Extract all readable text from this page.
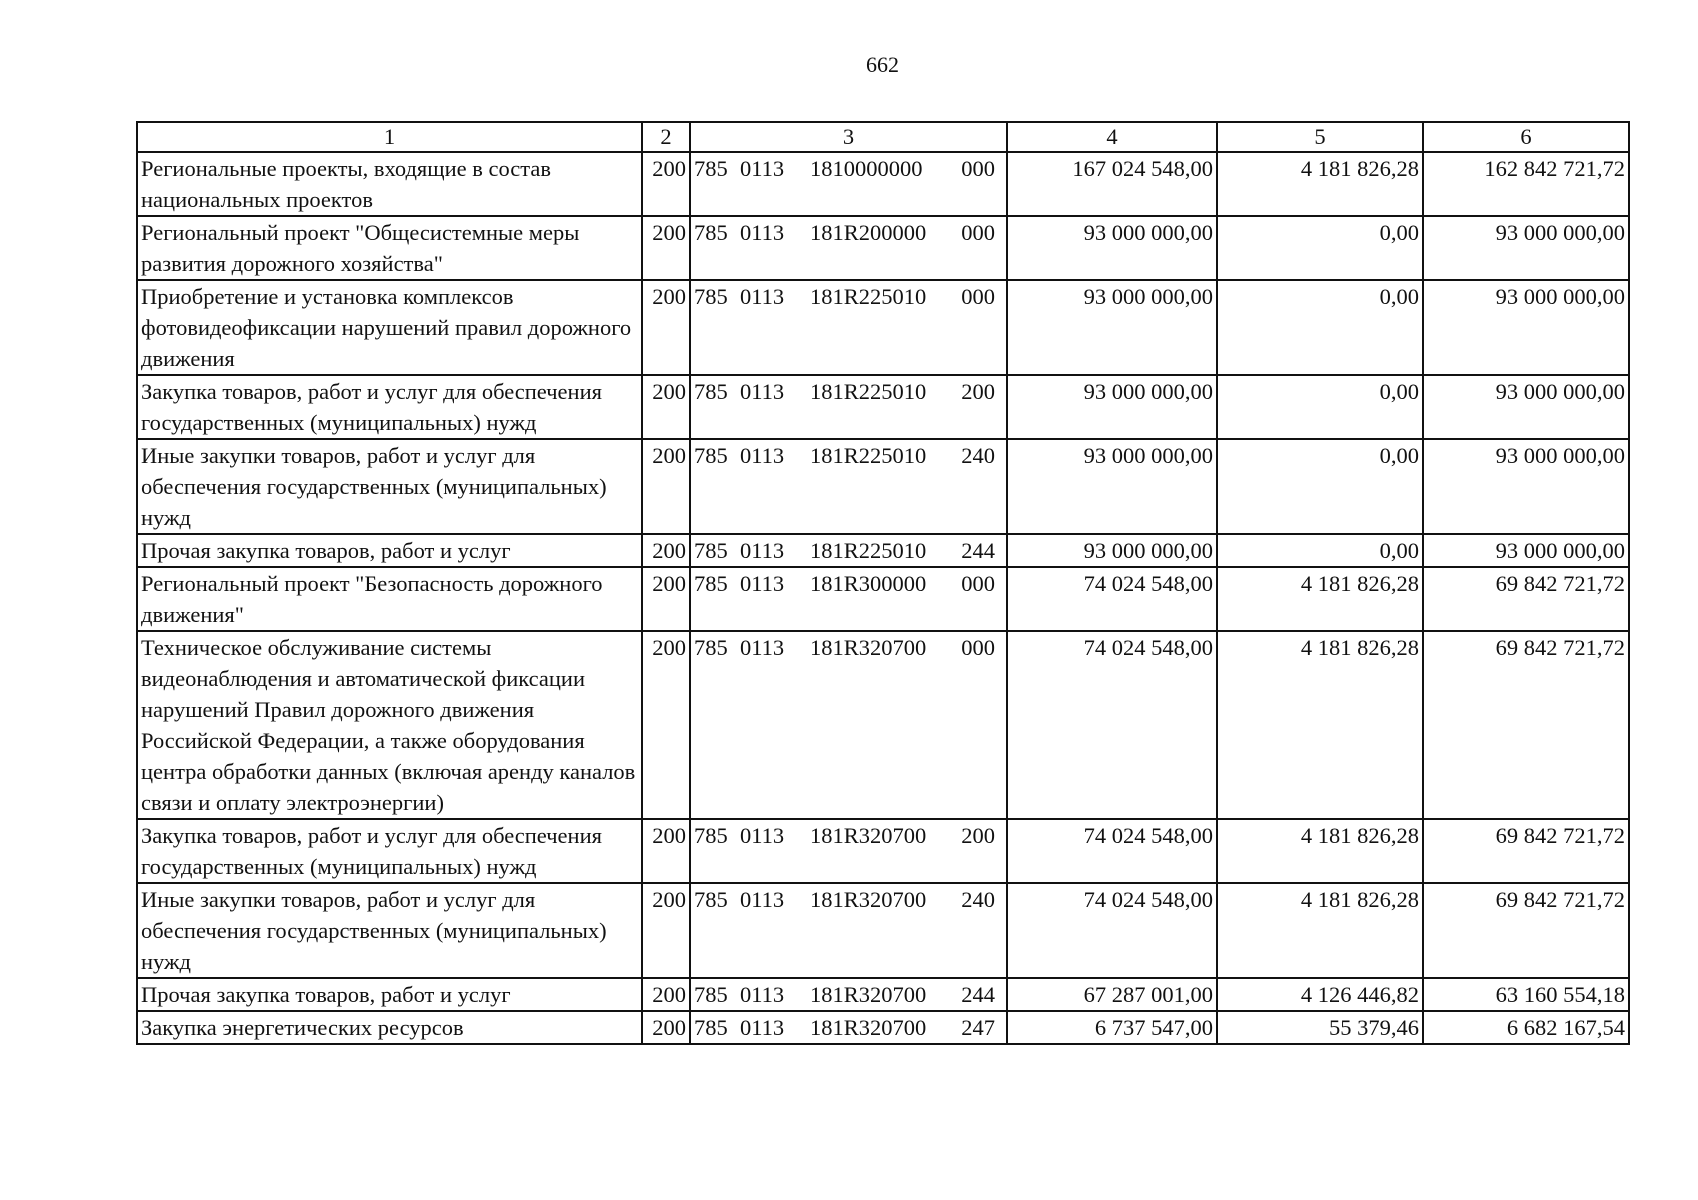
662
1	2	3	4	5	6
Региональные проекты, входящие в состав национальных проектов	200	785 0113 1810000000 000	167 024 548,00	4 181 826,28	162 842 721,72
Региональный проект "Общесистемные меры развития дорожного хозяйства"	200	785 0113 181R200000 000	93 000 000,00	0,00	93 000 000,00
Приобретение и установка комплексов фотовидеофиксации нарушений правил дорожного движения	200	785 0113 181R225010 000	93 000 000,00	0,00	93 000 000,00
Закупка товаров, работ и услуг для обеспечения государственных (муниципальных) нужд	200	785 0113 181R225010 200	93 000 000,00	0,00	93 000 000,00
Иные закупки товаров, работ и услуг для обеспечения государственных (муниципальных) нужд	200	785 0113 181R225010 240	93 000 000,00	0,00	93 000 000,00
Прочая закупка товаров, работ и услуг	200	785 0113 181R225010 244	93 000 000,00	0,00	93 000 000,00
Региональный проект "Безопасность дорожного движения"	200	785 0113 181R300000 000	74 024 548,00	4 181 826,28	69 842 721,72
Техническое обслуживание системы видеонаблюдения и автоматической фиксации нарушений Правил дорожного движения Российской Федерации, а также оборудования центра обработки данных (включая аренду каналов связи и оплату электроэнергии)	200	785 0113 181R320700 000	74 024 548,00	4 181 826,28	69 842 721,72
Закупка товаров, работ и услуг для обеспечения государственных (муниципальных) нужд	200	785 0113 181R320700 200	74 024 548,00	4 181 826,28	69 842 721,72
Иные закупки товаров, работ и услуг для обеспечения государственных (муниципальных) нужд	200	785 0113 181R320700 240	74 024 548,00	4 181 826,28	69 842 721,72
Прочая закупка товаров, работ и услуг	200	785 0113 181R320700 244	67 287 001,00	4 126 446,82	63 160 554,18
Закупка энергетических ресурсов	200	785 0113 181R320700 247	6 737 547,00	55 379,46	6 682 167,54
